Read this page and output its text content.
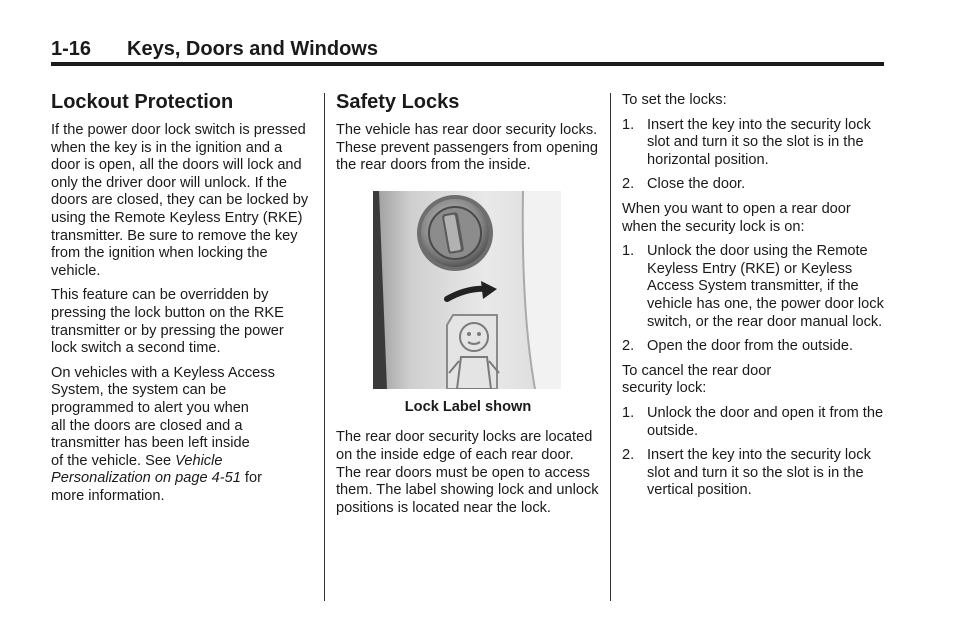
1-16 Keys, Doors and Windows
Lockout Protection

If the power door lock switch is pressed when the key is in the ignition and a door is open, all the doors will lock and only the driver door will unlock. If the doors are closed, they can be locked by using the Remote Keyless Entry (RKE) transmitter. Be sure to remove the key from the ignition when locking the vehicle.

This feature can be overridden by pressing the lock button on the RKE transmitter or by pressing the power lock switch a second time.

On vehicles with a Keyless Access
System, the system can be
programmed to alert you when
all the doors are closed and a
transmitter has been left inside
of the vehicle. See Vehicle
Personalization on page 4-51 for
more information.

Safety Locks

The vehicle has rear door security locks. These prevent passengers from opening the rear doors from the inside.

Lock Label shown

The rear door security locks are located on the inside edge of each rear door. The rear doors must be open to access them. The label showing lock and unlock positions is located near the lock.

To set the locks:

1. Insert the key into the security lock slot and turn it so the slot is in the horizontal position.
2. Close the door.

When you want to open a rear door when the security lock is on:

1. Unlock the door using the Remote Keyless Entry (RKE) or Keyless Access System transmitter, if the vehicle has one, the power door lock switch, or the rear door manual lock.
2. Open the door from the outside.

To cancel the rear door
security lock:

1. Unlock the door and open it from the outside.
2. Insert the key into the security lock slot and turn it so the slot is in the vertical position.
